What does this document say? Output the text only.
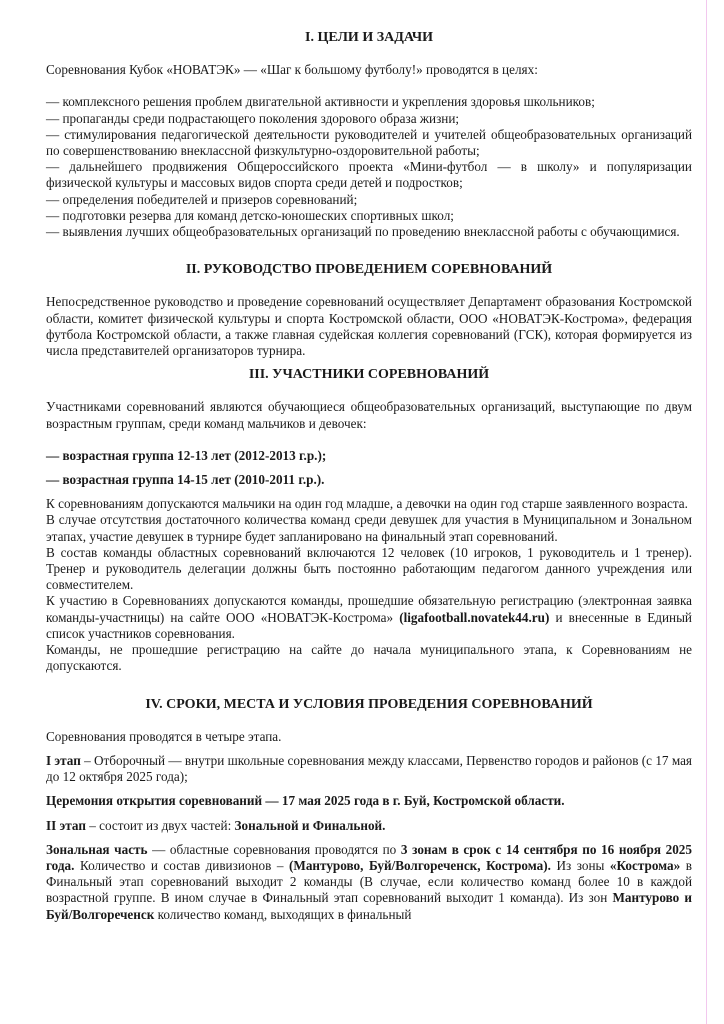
I. ЦЕЛИ И ЗАДАЧИ

Соревнования Кубок «НОВАТЭК» — «Шаг к большому футболу!» проводятся в целях:

— комплексного решения проблем двигательной активности и укрепления здоровья школьников;

— пропаганды среди подрастающего поколения здорового образа жизни;

— стимулирования педагогической деятельности руководителей и учителей общеобразовательных организаций по совершенствованию внеклассной физкультурно-оздоровительной работы;

— дальнейшего продвижения Общероссийского проекта «Мини-футбол — в школу» и популяризации физической культуры и массовых видов спорта среди детей и подростков;

— определения победителей и призеров соревнований;

— подготовки резерва для команд детско-юношеских спортивных школ;

— выявления лучших общеобразовательных организаций по проведению внеклассной работы с обучающимися.

II. РУКОВОДСТВО ПРОВЕДЕНИЕМ СОРЕВНОВАНИЙ

Непосредственное руководство и проведение соревнований осуществляет Департамент образования Костромской области, комитет физической культуры и спорта Костромской области, ООО «НОВАТЭК-Кострома», федерация футбола Костромской области, а также главная судейская коллегия соревнований (ГСК), которая формируется из числа представителей организаторов турнира.

III. УЧАСТНИКИ СОРЕВНОВАНИЙ

Участниками соревнований являются обучающиеся общеобразовательных организаций, выступающие по двум возрастным группам, среди команд мальчиков и девочек:

— возрастная группа 12-13 лет (2012-2013 г.р.);

— возрастная группа 14-15 лет (2010-2011 г.р.).

К соревнованиям допускаются мальчики на один год младше, а девочки на один год старше заявленного возраста.

В случае отсутствия достаточного количества команд среди девушек для участия в Муниципальном и Зональном этапах, участие девушек в турнире будет запланировано на финальный этап соревнований.

В состав команды областных соревнований включаются 12 человек (10 игроков, 1 руководитель и 1 тренер). Тренер и руководитель делегации должны быть постоянно работающим педагогом данного учреждения или совместителем.

К участию в Соревнованиях допускаются команды, прошедшие обязательную регистрацию (электронная заявка команды-участницы) на сайте ООО «НОВАТЭК-Кострома» (ligafootball.novatek44.ru) и внесенные в Единый список участников соревнования.

Команды, не прошедшие регистрацию на сайте до начала муниципального этапа, к Соревнованиям не допускаются.

IV. СРОКИ, МЕСТА И УСЛОВИЯ ПРОВЕДЕНИЯ СОРЕВНОВАНИЙ

Соревнования проводятся в четыре этапа.

I этап – Отборочный — внутри школьные соревнования между классами, Первенство городов и районов (с 17 мая до 12 октября 2025 года);

Церемония открытия соревнований — 17 мая 2025 года в г. Буй, Костромской области.

II этап – состоит из двух частей: Зональной и Финальной.

Зональная часть — областные соревнования проводятся по 3 зонам в срок с 14 сентября по 16 ноября 2025 года. Количество и состав дивизионов – (Мантурово, Буй/Волгореченск, Кострома). Из зоны «Кострома» в Финальный этап соревнований выходит 2 команды (В случае, если количество команд более 10 в каждой возрастной группе. В ином случае в Финальный этап соревнований выходит 1 команда). Из зон Мантурово и Буй/Волгореченск количество команд, выходящих в финальный
